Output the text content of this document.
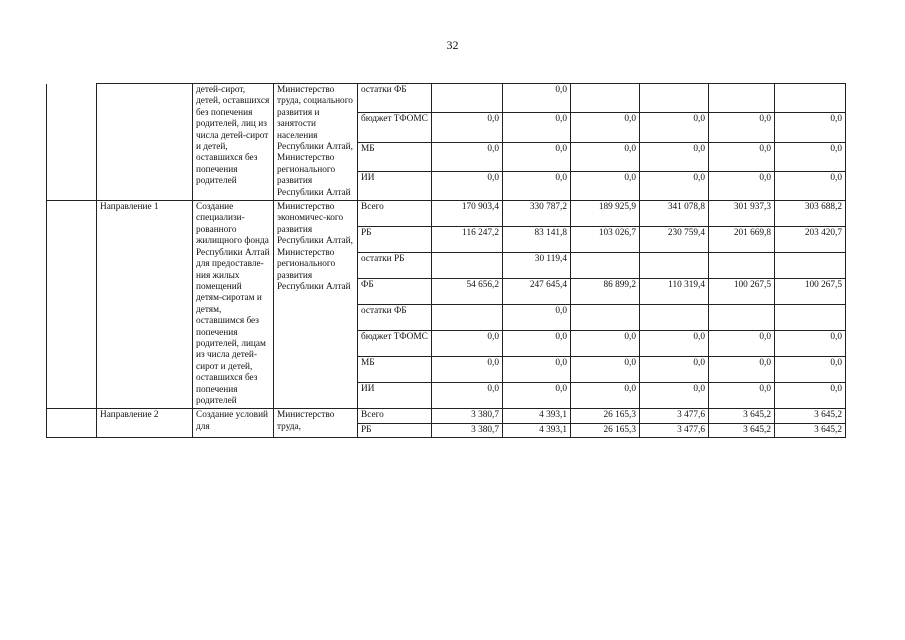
32
		детей-сирот, детей, оставшихся без попечения родителей, лиц из числа детей-сирот и детей, оставшихся без попечения родителей	Министерство труда, социального развития и занятости населения Республики Алтай, Министерство регионального развития Республики Алтай	остатки ФБ		0,0				
				бюджет ТФОМС	0,0	0,0	0,0	0,0	0,0	0,0
				МБ	0,0	0,0	0,0	0,0	0,0	0,0
				ИИ	0,0	0,0	0,0	0,0	0,0	0,0
	Направление 1	Создание специализи-рованного жилищного фонда Республики Алтай для предоставле-ния жилых помещений детям-сиротам и детям, оставшимся без попечения родителей, лицам из числа детей-сирот и детей, оставшихся без попечения родителей	Министерство экономичес-кого развития Республики Алтай, Министерство регионального развития Республики Алтай	Всего	170 903,4	330 787,2	189 925,9	341 078,8	301 937,3	303 688,2
				РБ	116 247,2	83 141,8	103 026,7	230 759,4	201 669,8	203 420,7
				остатки РБ		30 119,4				
				ФБ	54 656,2	247 645,4	86 899,2	110 319,4	100 267,5	100 267,5
				остатки ФБ		0,0				
				бюджет ТФОМС	0,0	0,0	0,0	0,0	0,0	0,0
				МБ	0,0	0,0	0,0	0,0	0,0	0,0
				ИИ	0,0	0,0	0,0	0,0	0,0	0,0
	Направление 2	Создание условий для	Министерство труда,	Всего	3 380,7	4 393,1	26 165,3	3 477,6	3 645,2	3 645,2
				РБ	3 380,7	4 393,1	26 165,3	3 477,6	3 645,2	3 645,2
